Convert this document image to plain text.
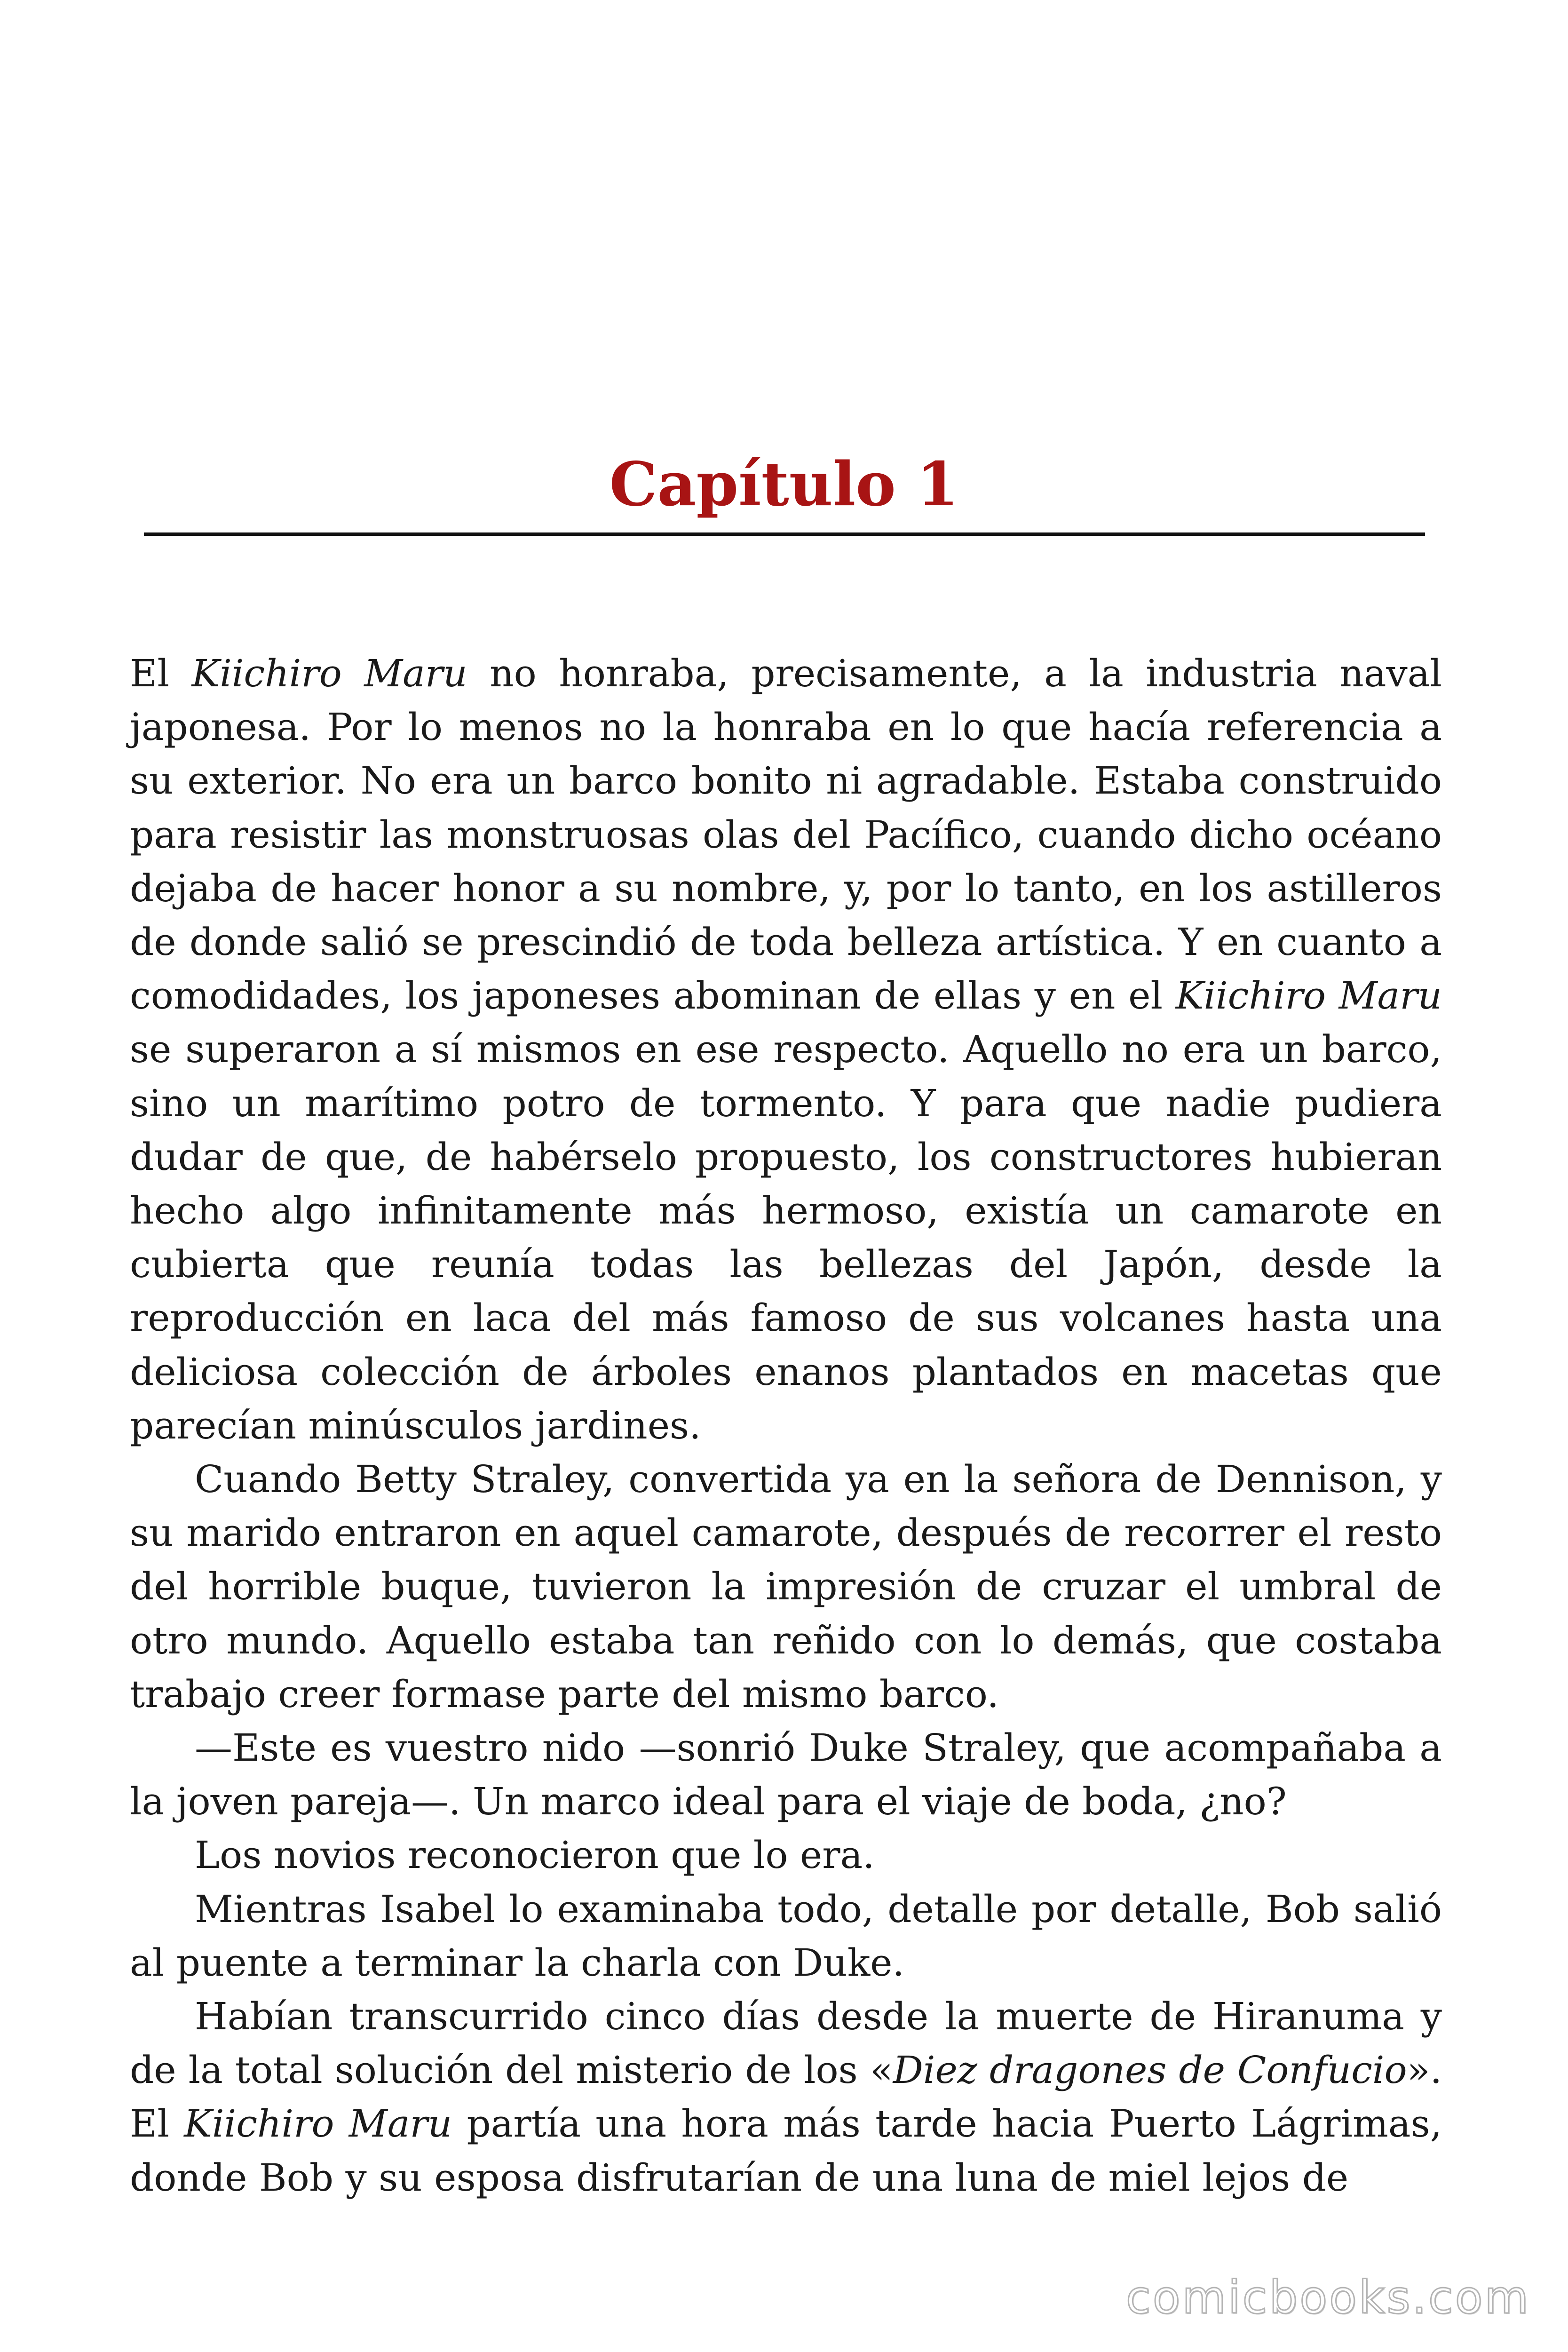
Capítulo 1

El Kiichiro Maru no honraba, precisamente, a la industria naval japonesa. Por lo menos no la honraba en lo que hacía referencia a su exterior. No era un barco bonito ni agradable. Estaba construido para resistir las monstruosas olas del Pacífico, cuando dicho océano dejaba de hacer honor a su nombre, y, por lo tanto, en los astilleros de donde salió se prescindió de toda belleza artística. Y en cuanto a comodidades, los japoneses abominan de ellas y en el Kiichiro Maru se superaron a sí mismos en ese respecto. Aquello no era un barco, sino un marítimo potro de tormento. Y para que nadie pudiera dudar de que, de habérselo propuesto, los constructores hubieran hecho algo infinitamente más hermoso, existía un camarote en cubierta que reunía todas las bellezas del Japón, desde la reproducción en laca del más famoso de sus volcanes hasta una deliciosa colección de árboles enanos plantados en macetas que parecían minúsculos jardines.

Cuando Betty Straley, convertida ya en la señora de Dennison, y su marido entraron en aquel camarote, después de recorrer el resto del horrible buque, tuvieron la impresión de cruzar el umbral de otro mundo. Aquello estaba tan reñido con lo demás, que costaba trabajo creer formase parte del mismo barco.

—Este es vuestro nido —sonrió Duke Straley, que acompañaba a la joven pareja—. Un marco ideal para el viaje de boda, ¿no?

Los novios reconocieron que lo era.

Mientras Isabel lo examinaba todo, detalle por detalle, Bob salió al puente a terminar la charla con Duke.

Habían transcurrido cinco días desde la muerte de Hiranuma y de la total solución del misterio de los «Diez dragones de Confucio». El Kiichiro Maru partía una hora más tarde hacia Puerto Lágrimas, donde Bob y su esposa disfrutarían de una luna de miel lejos de

comicbooks.com
